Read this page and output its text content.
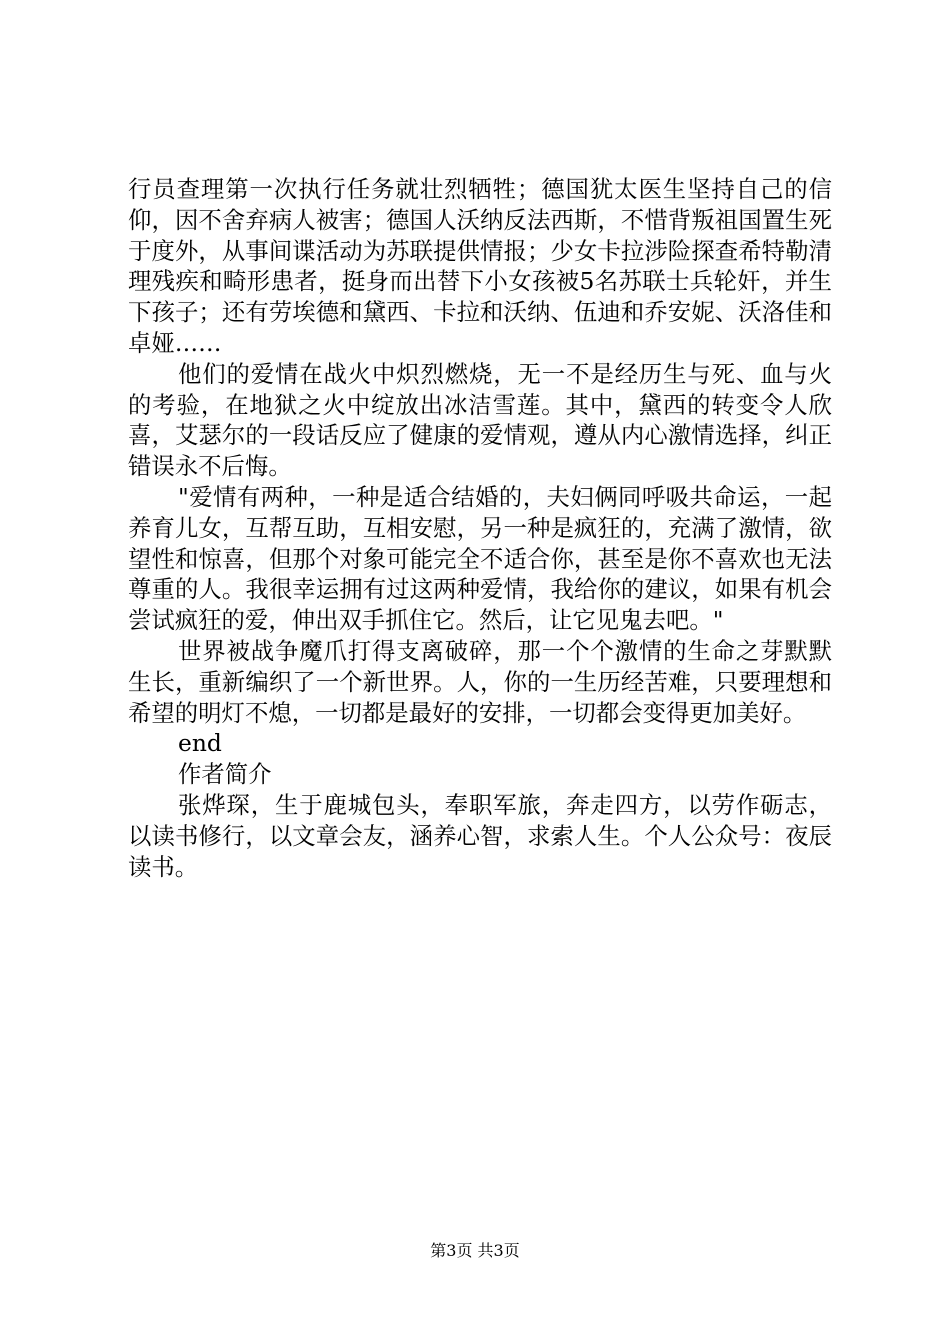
行员查理第一次执行任务就壮烈牺牲；德国犹太医生坚持自己的信仰，因不舍弃病人被害；德国人沃纳反法西斯，不惜背叛祖国置生死于度外，从事间谍活动为苏联提供情报；少女卡拉涉险探查希特勒清理残疾和畸形患者，挺身而出替下小女孩被5名苏联士兵轮奸，并生下孩子；还有劳埃德和黛西、卡拉和沃纳、伍迪和乔安妮、沃洛佳和卓娅……

他们的爱情在战火中炽烈燃烧，无一不是经历生与死、血与火的考验，在地狱之火中绽放出冰洁雪莲。其中，黛西的转变令人欣喜，艾瑟尔的一段话反应了健康的爱情观，遵从内心激情选择，纠正错误永不后悔。

"爱情有两种，一种是适合结婚的，夫妇俩同呼吸共命运，一起养育儿女，互帮互助，互相安慰，另一种是疯狂的，充满了激情，欲望性和惊喜，但那个对象可能完全不适合你，甚至是你不喜欢也无法尊重的人。我很幸运拥有过这两种爱情，我给你的建议，如果有机会尝试疯狂的爱，伸出双手抓住它。然后，让它见鬼去吧。"

世界被战争魔爪打得支离破碎，那一个个激情的生命之芽默默生长，重新编织了一个新世界。人，你的一生历经苦难，只要理想和希望的明灯不熄，一切都是最好的安排，一切都会变得更加美好。

end

作者简介

张烨琛，生于鹿城包头，奉职军旅，奔走四方，以劳作砺志，以读书修行，以文章会友，涵养心智，求索人生。个人公众号：夜辰读书。

第3页 共3页
